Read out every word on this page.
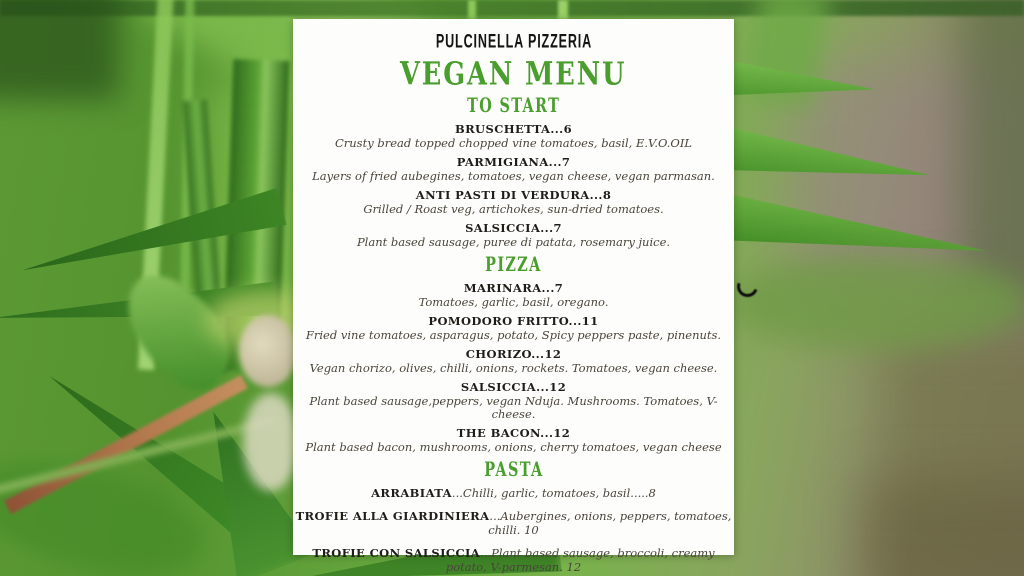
PULCINELLA PIZZERIA
VEGAN MENU
TO START
BRUSCHETTA...6
Crusty bread topped chopped vine tomatoes, basil, E.V.O.OIL
PARMIGIANA...7
Layers of fried aubegines, tomatoes, vegan cheese, vegan parmasan.
ANTI PASTI DI VERDURA...8
Grilled / Roast veg, artichokes, sun-dried tomatoes.
SALSICCIA...7
Plant based sausage, puree di patata, rosemary juice.
PIZZA
MARINARA...7
Tomatoes, garlic, basil, oregano.
POMODORO FRITTO...11
Fried vine tomatoes, asparagus, potato, Spicy peppers paste, pinenuts.
CHORIZO...12
Vegan chorizo, olives, chilli, onions, rockets. Tomatoes, vegan cheese.
SALSICCIA...12
Plant based sausage,peppers, vegan Nduja. Mushrooms. Tomatoes, V-cheese.
THE BACON...12
Plant based bacon, mushrooms, onions, cherry tomatoes, vegan cheese
PASTA
ARRABIATA...Chilli, garlic, tomatoes, basil.....8
TROFIE ALLA GIARDINIERA...Aubergines, onions, peppers, tomatoes, chilli. 10
TROFIE CON SALSICCIA...Plant based sausage, broccoli, creamy potato, V-parmesan. 12
